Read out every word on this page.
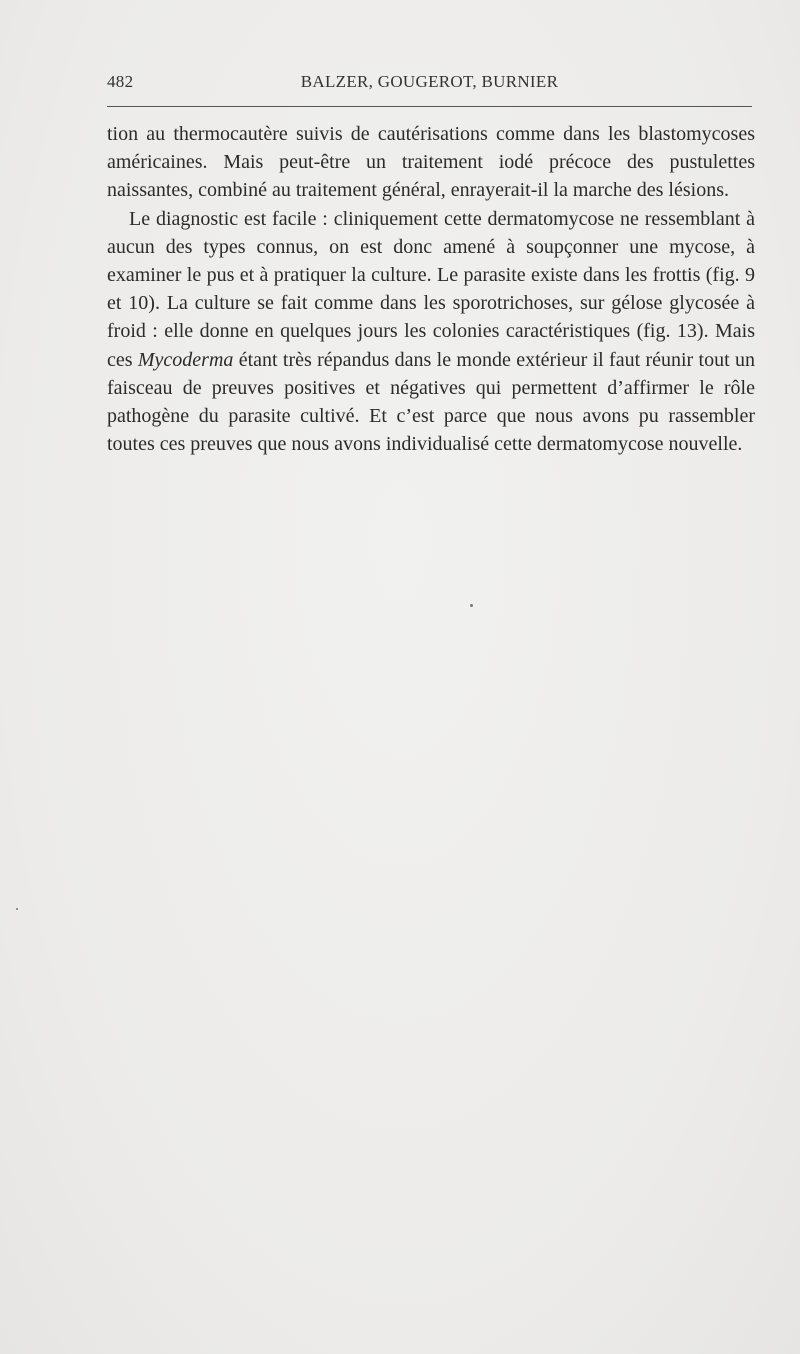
482	BALZER, GOUGEROT, BURNIER

tion au thermocautère suivis de cautérisations comme dans les blastomycoses américaines. Mais peut-être un traitement iodé précoce des pustulettes naissantes, combiné au traitement général, enrayerait-il la marche des lésions.

Le diagnostic est facile : cliniquement cette dermatomycose ne ressemblant à aucun des types connus, on est donc amené à soupçonner une mycose, à examiner le pus et à pratiquer la culture. Le parasite existe dans les frottis (fig. 9 et 10). La culture se fait comme dans les sporotrichoses, sur gélose glycosée à froid : elle donne en quelques jours les colonies caractéristiques (fig. 13). Mais ces Mycoderma étant très répandus dans le monde extérieur il faut réunir tout un faisceau de preuves positives et négatives qui permettent d’affirmer le rôle pathogène du parasite cultivé. Et c’est parce que nous avons pu rassembler toutes ces preuves que nous avons individualisé cette dermatomycose nouvelle.
